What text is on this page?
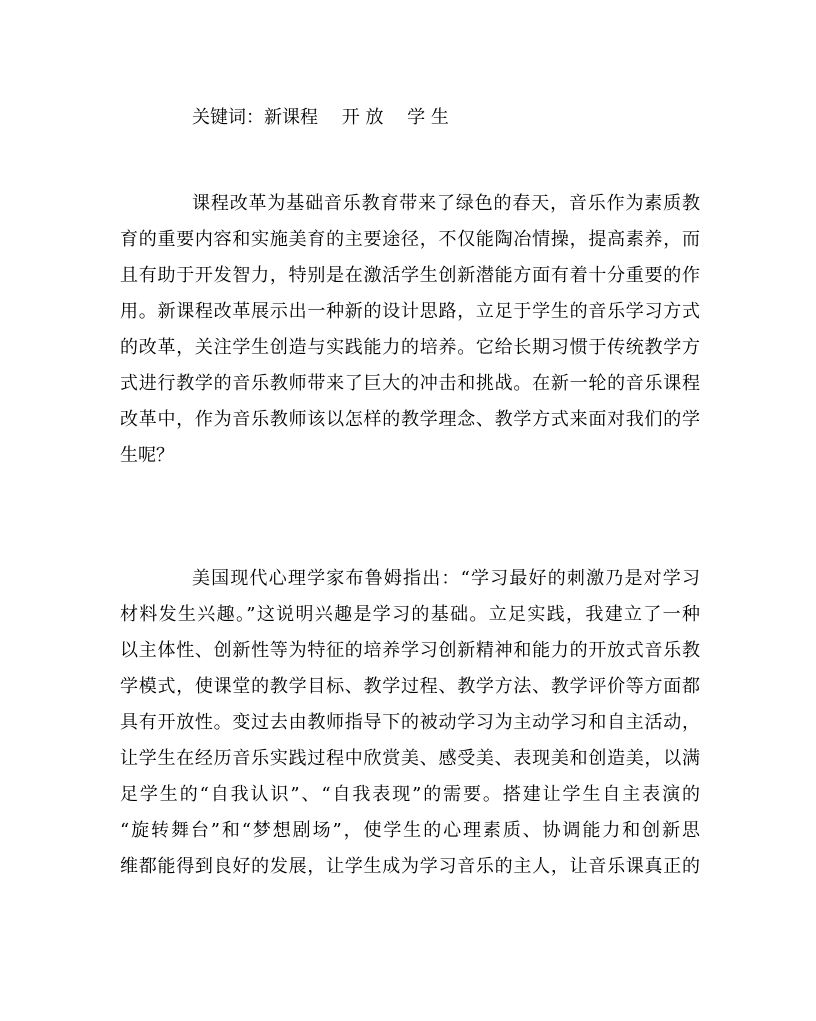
关键词：新课程　 开 放　 学 生
课程改革为基础音乐教育带来了绿色的春天，音乐作为素质教
育的重要内容和实施美育的主要途径，不仅能陶冶情操，提高素养，而
且有助于开发智力，特别是在激活学生创新潜能方面有着十分重要的作
用。新课程改革展示出一种新的设计思路，立足于学生的音乐学习方式
的改革，关注学生创造与实践能力的培养。它给长期习惯于传统教学方
式进行教学的音乐教师带来了巨大的冲击和挑战。在新一轮的音乐课程
改革中，作为音乐教师该以怎样的教学理念、教学方式来面对我们的学
生呢？
美国现代心理学家布鲁姆指出：“学习最好的刺激乃是对学习
材料发生兴趣。”这说明兴趣是学习的基础。立足实践，我建立了一种
以主体性、创新性等为特征的培养学习创新精神和能力的开放式音乐教
学模式，使课堂的教学目标、教学过程、教学方法、教学评价等方面都
具有开放性。变过去由教师指导下的被动学习为主动学习和自主活动，
让学生在经历音乐实践过程中欣赏美、感受美、表现美和创造美，以满
足学生的“自我认识”、“自我表现”的需要。搭建让学生自主表演的
“旋转舞台”和“梦想剧场”，使学生的心理素质、协调能力和创新思
维都能得到良好的发展，让学生成为学习音乐的主人，让音乐课真正的
